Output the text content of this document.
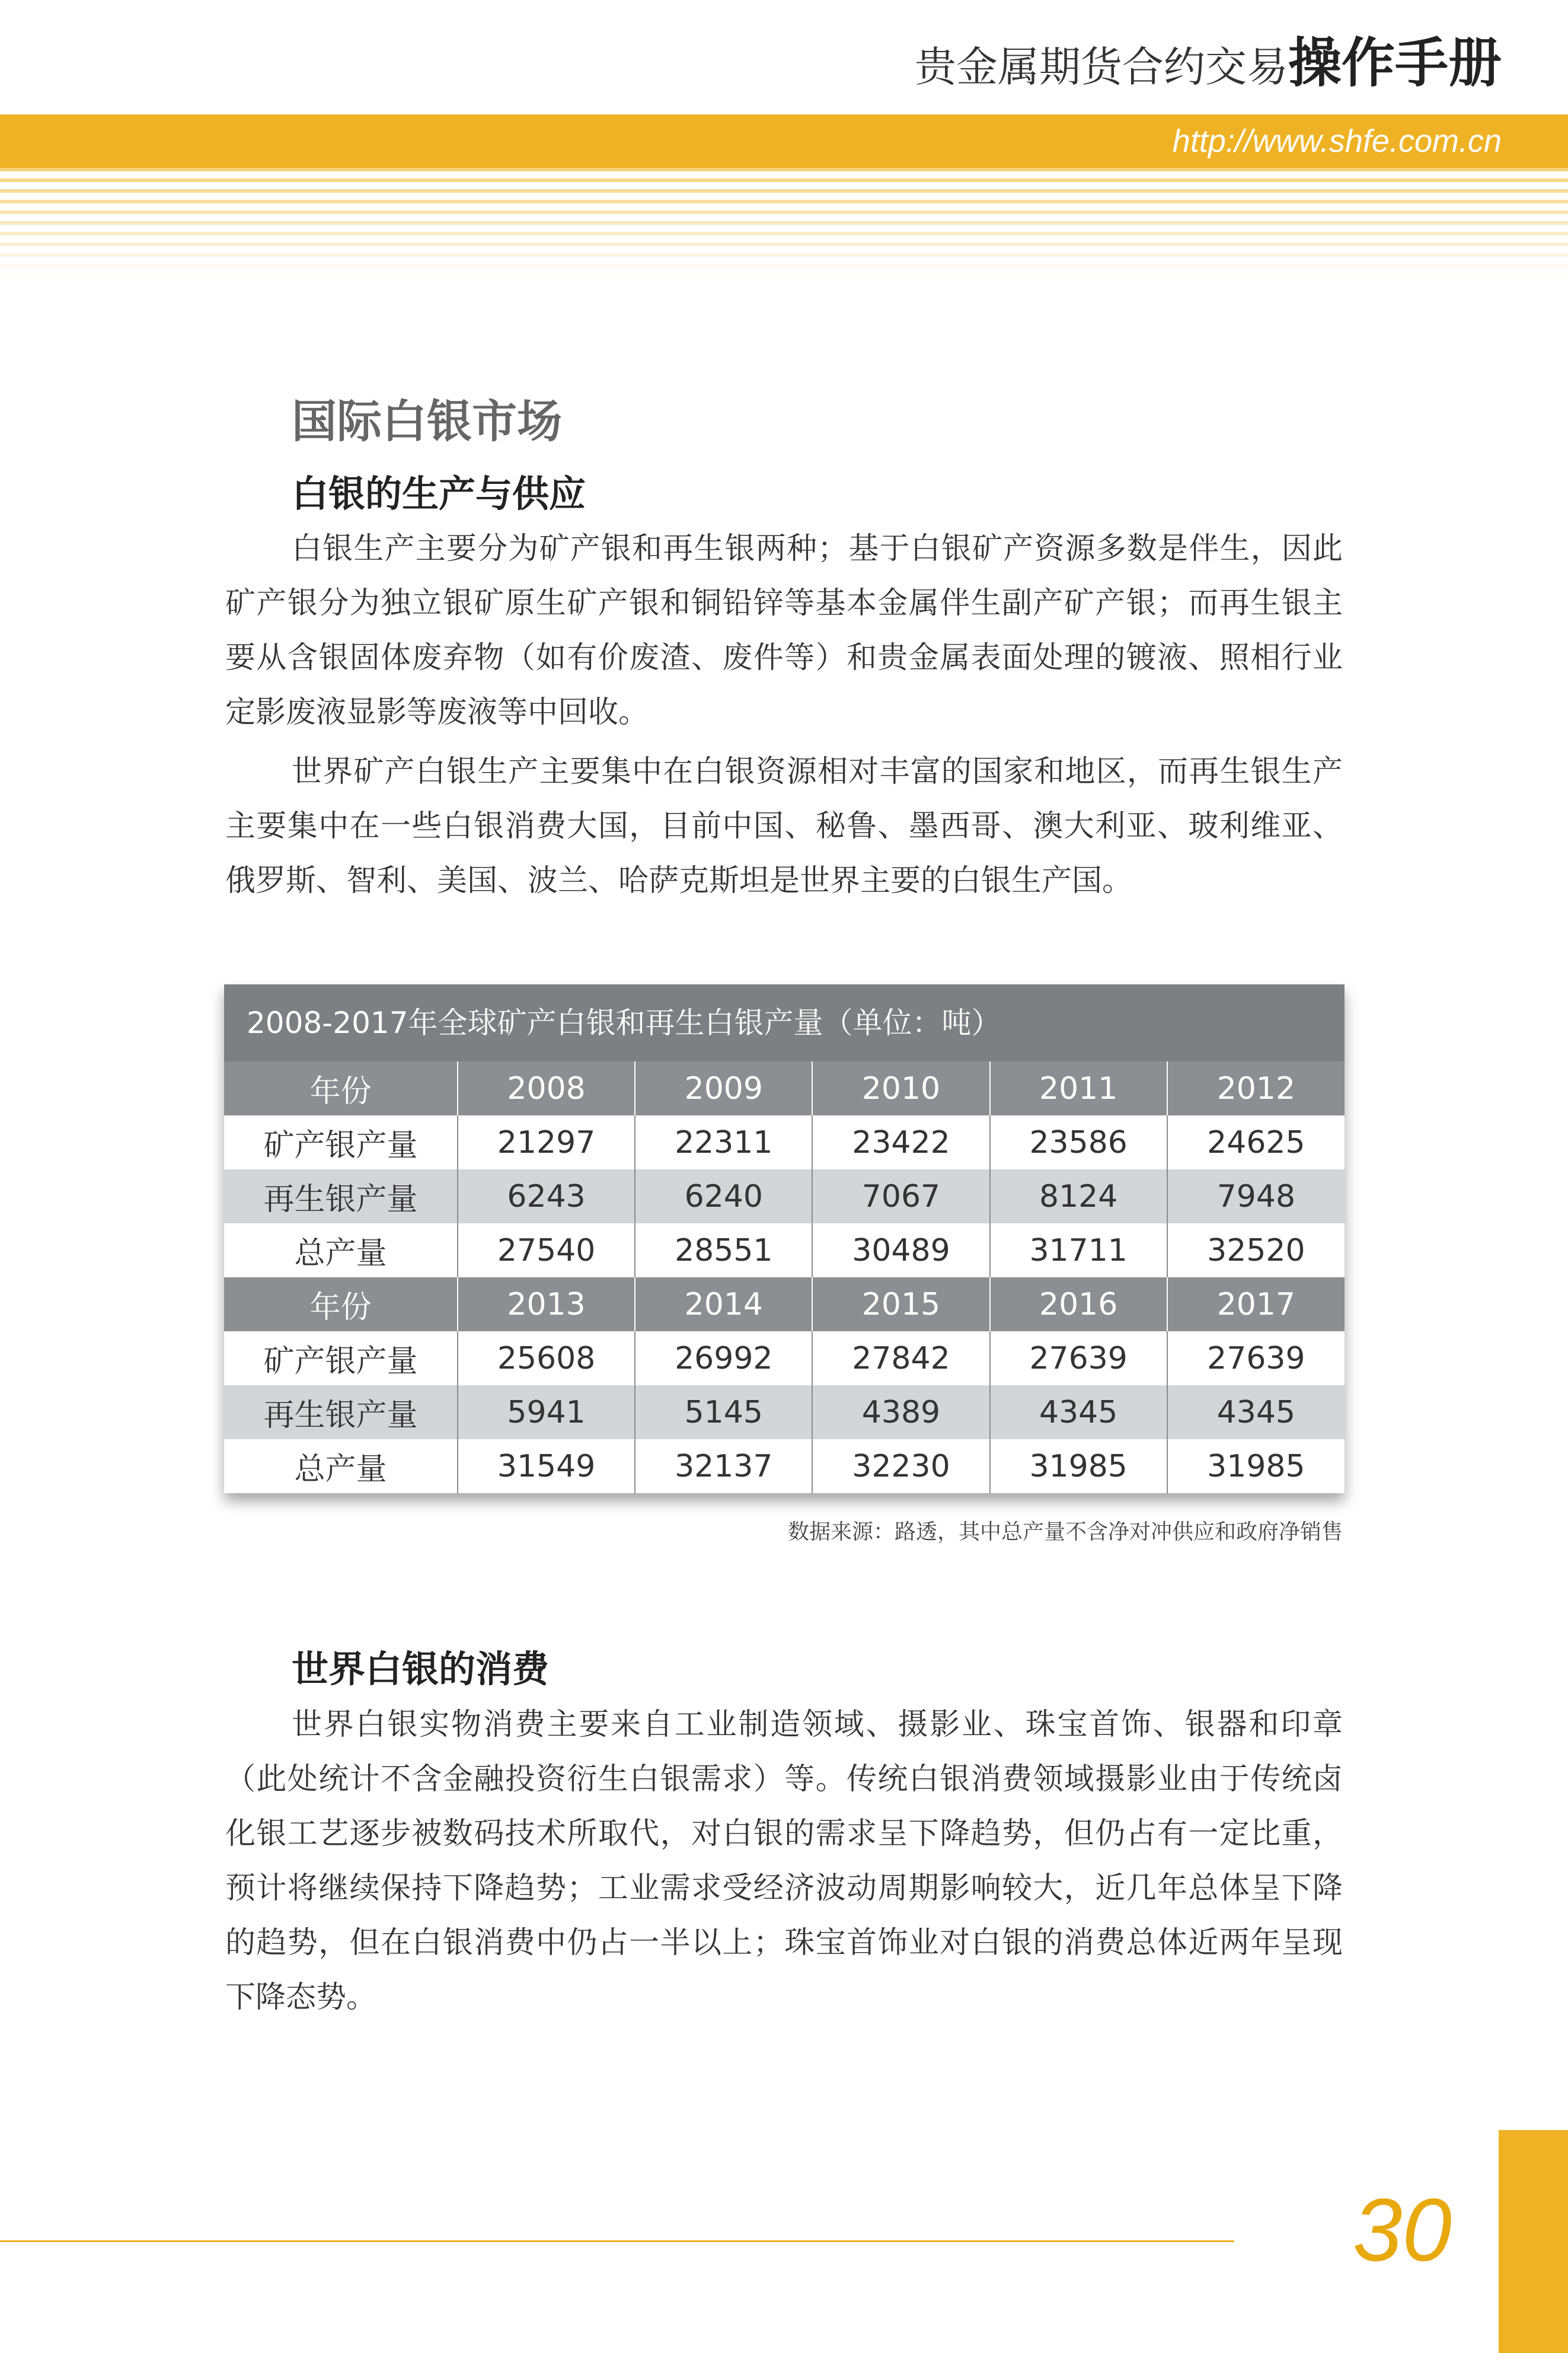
贵金属期货合约交易操作手册
http://www.shfe.com.cn
国际白银市场
白银的生产与供应

白银生产主要分为矿产银和再生银两种；基于白银矿产资源多数是伴生，因此矿产银分为独立银矿原生矿产银和铜铅锌等基本金属伴生副产矿产银；而再生银主要从含银固体废弃物（如有价废渣、废件等）和贵金属表面处理的镀液、照相行业定影废液显影等废液等中回收。

世界矿产白银生产主要集中在白银资源相对丰富的国家和地区，而再生银生产主要集中在一些白银消费大国，目前中国、秘鲁、墨西哥、澳大利亚、玻利维亚、俄罗斯、智利、美国、波兰、哈萨克斯坦是世界主要的白银生产国。

2008-2017年全球矿产白银和再生白银产量（单位：吨）
年份	2008	2009	2010	2011	2012
矿产银产量	21297	22311	23422	23586	24625
再生银产量	6243	6240	7067	8124	7948
总产量	27540	28551	30489	31711	32520
年份	2013	2014	2015	2016	2017
矿产银产量	25608	26992	27842	27639	27639
再生银产量	5941	5145	4389	4345	4345
总产量	31549	32137	32230	31985	31985
数据来源：路透，其中总产量不含净对冲供应和政府净销售
世界白银的消费

世界白银实物消费主要来自工业制造领域、摄影业、珠宝首饰、银器和印章（此处统计不含金融投资衍生白银需求）等。传统白银消费领域摄影业由于传统卤化银工艺逐步被数码技术所取代，对白银的需求呈下降趋势，但仍占有一定比重，预计将继续保持下降趋势；工业需求受经济波动周期影响较大，近几年总体呈下降的趋势，但在白银消费中仍占一半以上；珠宝首饰业对白银的消费总体近两年呈现下降态势。

30
